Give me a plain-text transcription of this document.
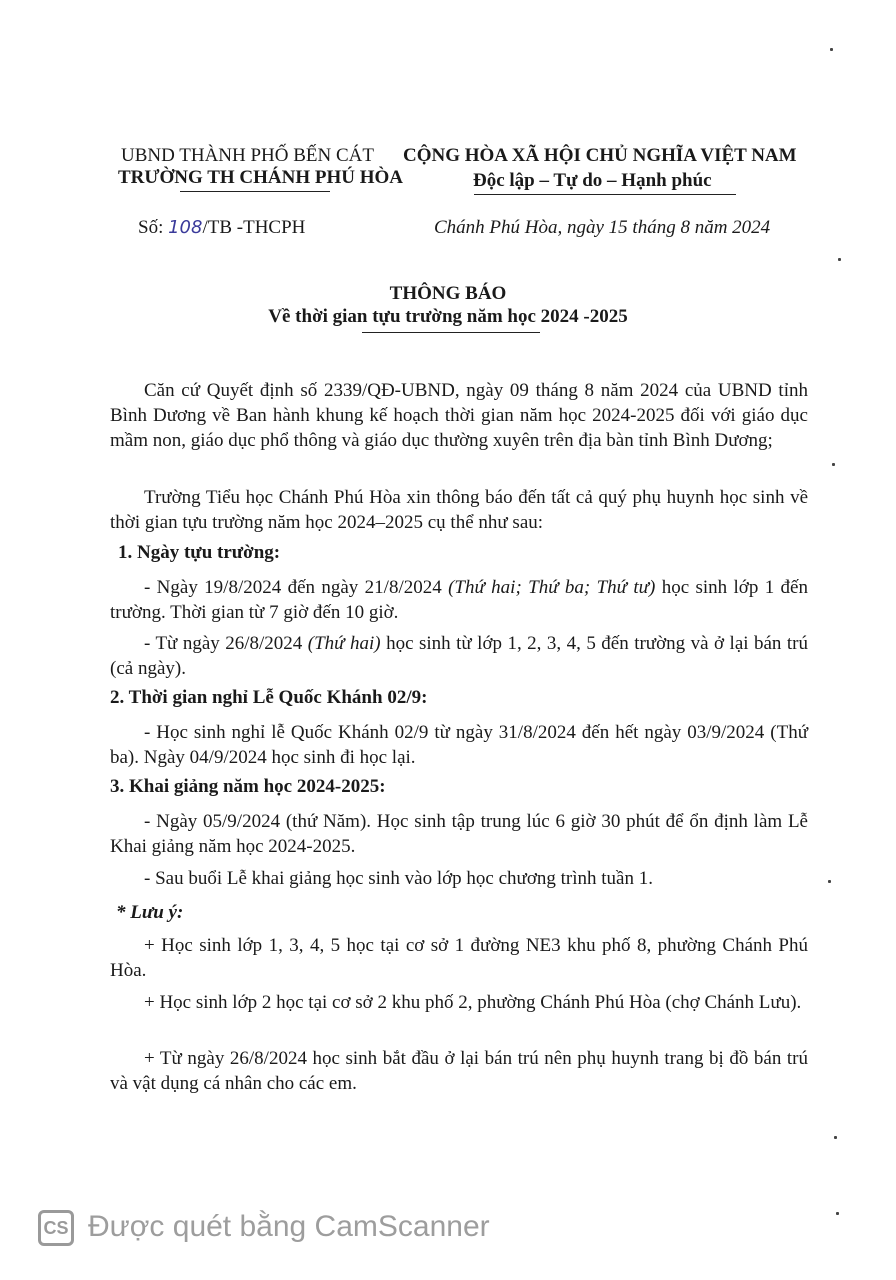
UBND THÀNH PHỐ BẾN CÁT
TRƯỜNG TH CHÁNH PHÚ HÒA
CỘNG HÒA XÃ HỘI CHỦ NGHĨA VIỆT NAM
Độc lập – Tự do – Hạnh phúc
Số: 108/TB -THCPH	Chánh Phú Hòa, ngày 15 tháng 8 năm 2024
THÔNG BÁO
Về thời gian tựu trường năm học 2024 -2025
Căn cứ Quyết định số 2339/QĐ-UBND, ngày 09 tháng 8 năm 2024 của UBND tỉnh Bình Dương về Ban hành khung kế hoạch thời gian năm học 2024-2025 đối với giáo dục mầm non, giáo dục phổ thông và giáo dục thường xuyên trên địa bàn tỉnh Bình Dương;
Trường Tiểu học Chánh Phú Hòa xin thông báo đến tất cả quý phụ huynh học sinh về thời gian tựu trường năm học 2024–2025 cụ thể như sau:
1. Ngày tựu trường:
- Ngày 19/8/2024 đến ngày 21/8/2024 (Thứ hai; Thứ ba; Thứ tư) học sinh lớp 1 đến trường. Thời gian từ 7 giờ đến 10 giờ.
- Từ ngày 26/8/2024 (Thứ hai) học sinh từ lớp 1, 2, 3, 4, 5 đến trường và ở lại bán trú (cả ngày).
2. Thời gian nghỉ Lễ Quốc Khánh 02/9:
- Học sinh nghỉ lễ Quốc Khánh 02/9 từ ngày 31/8/2024 đến hết ngày 03/9/2024 (Thứ ba). Ngày 04/9/2024 học sinh đi học lại.
3. Khai giảng năm học 2024-2025:
- Ngày 05/9/2024 (thứ Năm). Học sinh tập trung lúc 6 giờ 30 phút để ổn định làm Lễ Khai giảng năm học 2024-2025.
- Sau buổi Lễ khai giảng học sinh vào lớp học chương trình tuần 1.
* Lưu ý:
+ Học sinh lớp 1, 3, 4, 5 học tại cơ sở 1 đường NE3 khu phố 8, phường Chánh Phú Hòa.
+ Học sinh lớp 2 học tại cơ sở 2 khu phố 2, phường Chánh Phú Hòa (chợ Chánh Lưu).
+ Từ ngày 26/8/2024 học sinh bắt đầu ở lại bán trú nên phụ huynh trang bị đồ bán trú và vật dụng cá nhân cho các em.
CS Được quét bằng CamScanner
